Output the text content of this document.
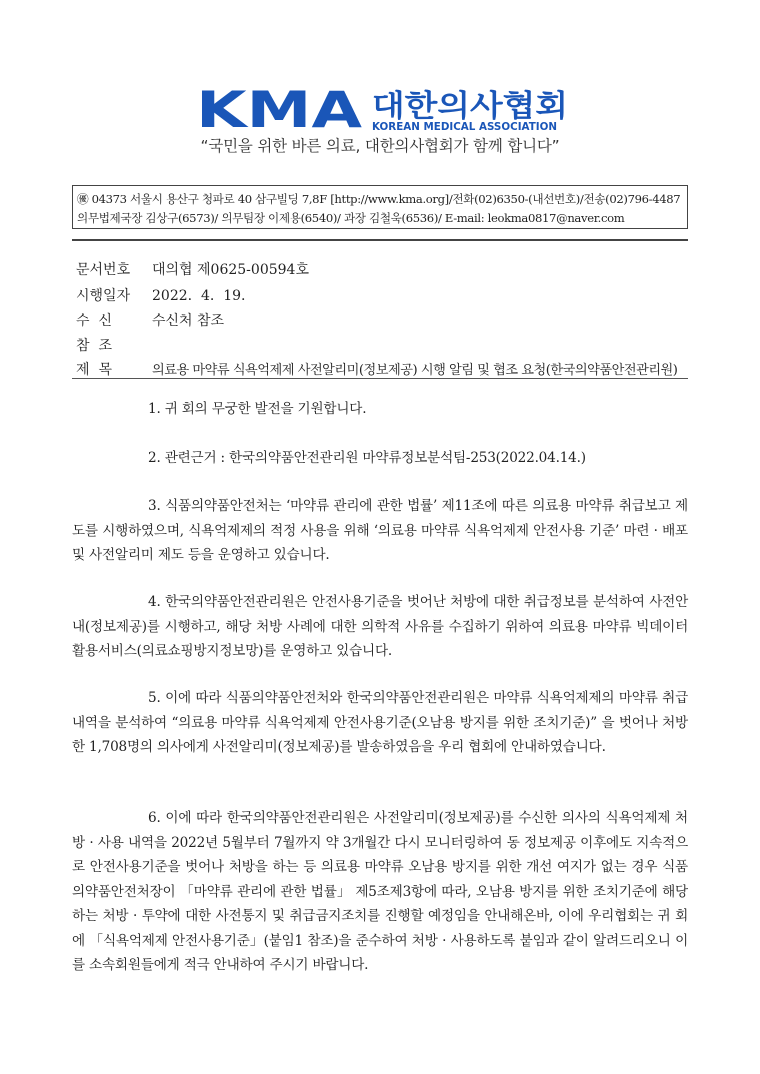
KMA 대한의사협회
KOREAN MEDICAL ASSOCIATION
“국민을 위한 바른 의료, 대한의사협회가 함께 합니다”
㊝ 04373 서울시 용산구 청파로 40 삼구빌딩 7,8F [http://www.kma.org]/전화(02)6350-(내선번호)/전송(02)796-4487
의무법제국장 김상구(6573)/ 의무팀장 이제용(6540)/ 과장 김철욱(6536)/ E-mail: leokma0817@naver.com
문서번호 대의협 제0625-00594호
시행일자 2022.  4.  19.
수신 수신처 참조
참조
제목 의료용 마약류 식욕억제제 사전알리미(정보제공) 시행 알림 및 협조 요청(한국의약품안전관리원)

1. 귀 회의 무궁한 발전을 기원합니다.

2. 관련근거 : 한국의약품안전관리원 마약류정보분석팀-253(2022.04.14.)

3. 식품의약품안전처는 ‘마약류 관리에 관한 법률’ 제11조에 따른 의료용 마약류 취급보고 제도를 시행하였으며, 식욕억제제의 적정 사용을 위해 ‘의료용 마약류 식욕억제제 안전사용 기준’ 마련 · 배포 및 사전알리미 제도 등을 운영하고 있습니다.

4. 한국의약품안전관리원은 안전사용기준을 벗어난 처방에 대한 취급정보를 분석하여 사전안내(정보제공)를 시행하고, 해당 처방 사례에 대한 의학적 사유를 수집하기 위하여 의료용 마약류 빅데이터 활용서비스(의료쇼핑방지정보망)를 운영하고 있습니다.

5. 이에 따라 식품의약품안전처와 한국의약품안전관리원은 마약류 식욕억제제의 마약류 취급내역을 분석하여 “의료용 마약류 식욕억제제 안전사용기준(오남용 방지를 위한 조치기준)” 을 벗어나 처방한 1,708명의 의사에게 사전알리미(정보제공)를 발송하였음을 우리 협회에 안내하였습니다.

6. 이에 따라 한국의약품안전관리원은 사전알리미(정보제공)를 수신한 의사의 식욕억제제 처방 · 사용 내역을 2022년 5월부터 7월까지 약 3개월간 다시 모니터링하여 동 정보제공 이후에도 지속적으로 안전사용기준을 벗어나 처방을 하는 등 의료용 마약류 오남용 방지를 위한 개선 여지가 없는 경우 식품의약품안전처장이 「마약류 관리에 관한 법률」 제5조제3항에 따라, 오남용 방지를 위한 조치기준에 해당하는 처방 · 투약에 대한 사전통지 및 취급금지조치를 진행할 예정임을 안내해온바, 이에 우리협회는 귀 회에 「식욕억제제 안전사용기준」(붙임1 참조)을 준수하여 처방 · 사용하도록 붙임과 같이 알려드리오니 이를 소속회원들에게 적극 안내하여 주시기 바랍니다.
